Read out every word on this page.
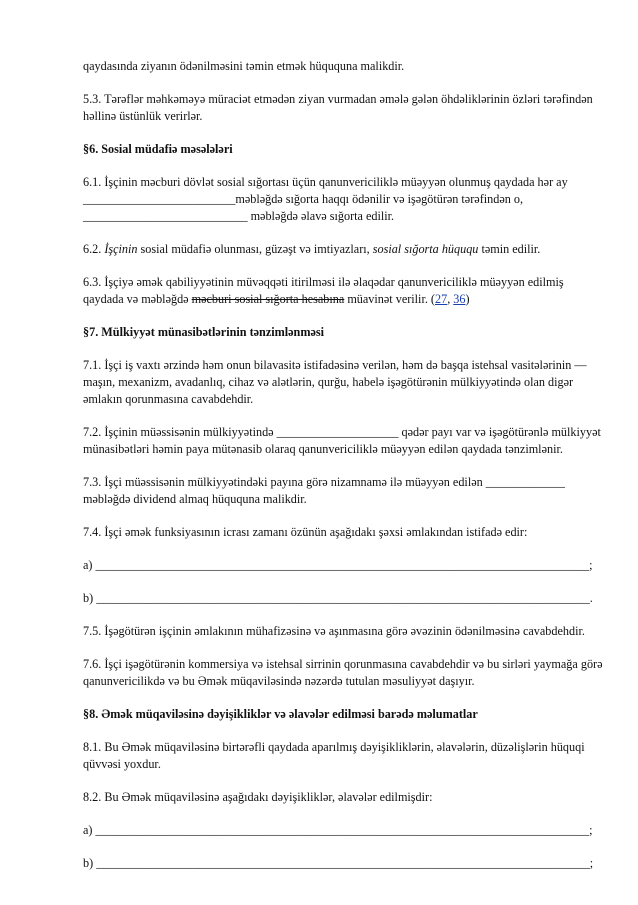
qaydasında ziyanın ödənilməsini təmin etmək hüququna malikdir.

5.3. Tərəflər məhkəməyə müraciət etmədən ziyan vurmadan əmələ gələn öhdəliklərinin özləri tərəfindən həllinə üstünlük verirlər.

§6. Sosial müdafiə məsələləri

6.1. İşçinin məcburi dövlət sosial sığortası üçün qanunvericiliklə müəyyən olunmuş qaydada hər ay
_________________________məbləğdə sığorta haqqı ödənilir və işəgötürən tərəfindən o,
___________________________ məbləğdə əlavə sığorta edilir.

6.2. İşçinin sosial müdafiə olunması, güzəşt və imtiyazları, sosial sığorta hüququ təmin edilir.

6.3. İşçiyə əmək qabiliyyətinin müvəqqəti itirilməsi ilə əlaqədar qanunvericiliklə müəyyən edilmiş qaydada və məbləğdə məcburi sosial sığorta hesabına müavinət verilir. (27, 36)

§7. Mülkiyyət münasibətlərinin tənzimlənməsi

7.1. İşçi iş vaxtı ərzində həm onun bilavasitə istifadəsinə verilən, həm də başqa istehsal vasitələrinin — maşın, mexanizm, avadanlıq, cihaz və alətlərin, qurğu, habelə işəgötürənin mülkiyyətində olan digər əmlakın qorunmasına cavabdehdir.

7.2. İşçinin müəssisənin mülkiyyətində ____________________ qədər payı var və işəgötürənlə mülkiyyət münasibətləri həmin paya mütənasib olaraq qanunvericiliklə müəyyən edilən qaydada tənzimlənir.

7.3. İşçi müəssisənin mülkiyyətindəki payına görə nizamnamə ilə müəyyən edilən _____________ məbləğdə dividend almaq hüququna malikdir.

7.4. İşçi əmək funksiyasının icrası zamanı özünün aşağıdakı şəxsi əmlakından istifadə edir:

a) _________________________________________________________________________________;

b) _________________________________________________________________________________.

7.5. İşəgötürən işçinin əmlakının mühafizəsinə və aşınmasına görə əvəzinin ödənilməsinə cavabdehdir.

7.6. İşçi işəgötürənin kommersiya və istehsal sirrinin qorunmasına cavabdehdir və bu sirləri yaymağa görə qanunvericilikdə və bu Əmək müqaviləsində nəzərdə tutulan məsuliyyət daşıyır.

§8. Əmək müqaviləsinə dəyişikliklər və əlavələr edilməsi barədə məlumatlar

8.1. Bu Əmək müqaviləsinə birtərəfli qaydada aparılmış dəyişikliklərin, əlavələrin, düzəlişlərin hüquqi qüvvəsi yoxdur.

8.2. Bu Əmək müqaviləsinə aşağıdakı dəyişikliklər, əlavələr edilmişdir:

a) _________________________________________________________________________________;

b) _________________________________________________________________________________;
